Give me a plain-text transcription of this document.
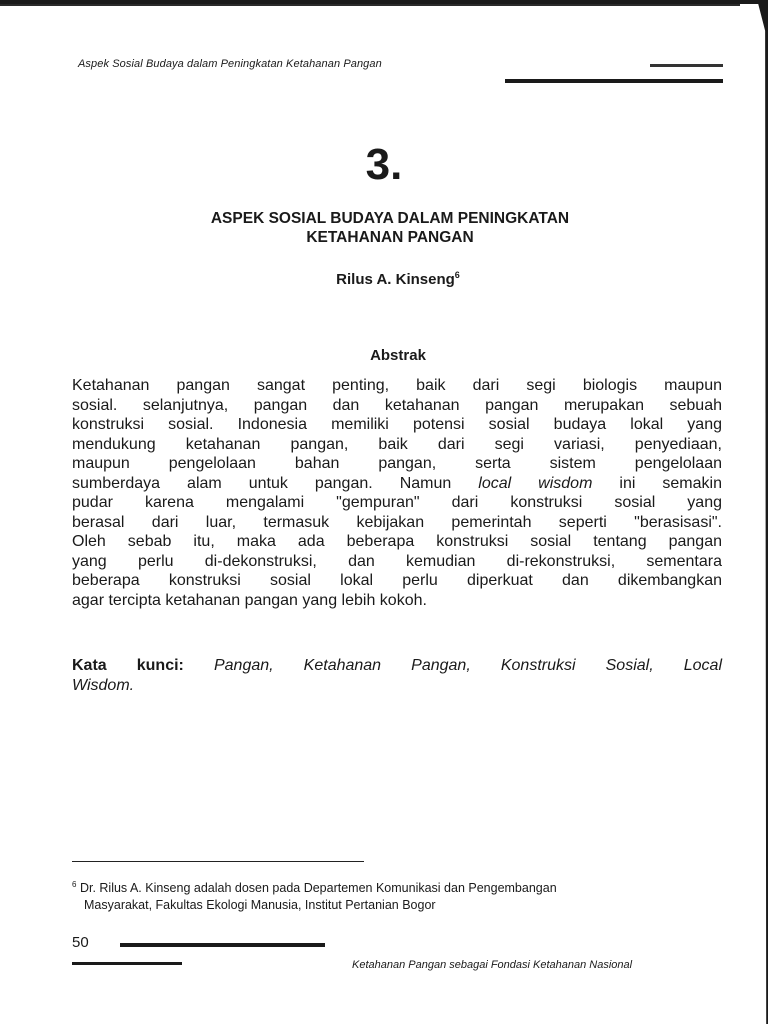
Aspek Sosial Budaya dalam Peningkatan Ketahanan Pangan
3.
ASPEK SOSIAL BUDAYA DALAM PENINGKATAN
KETAHANAN PANGAN
Rilus A. Kinseng$^6$
Abstrak
Ketahanan pangan sangat penting, baik dari segi biologis maupun
sosial. selanjutnya, pangan dan ketahanan pangan merupakan sebuah
konstruksi sosial. Indonesia memiliki potensi sosial budaya lokal yang
mendukung ketahanan pangan, baik dari segi variasi, penyediaan,
maupun pengelolaan bahan pangan, serta sistem pengelolaan
sumberdaya alam untuk pangan. Namun local wisdom ini semakin
pudar karena mengalami "gempuran" dari konstruksi sosial yang
berasal dari luar, termasuk kebijakan pemerintah seperti "berasisasi".
Oleh sebab itu, maka ada beberapa konstruksi sosial tentang pangan
yang perlu di-dekonstruksi, dan kemudian di-rekonstruksi, sementara
beberapa konstruksi sosial lokal perlu diperkuat dan dikembangkan
agar tercipta ketahanan pangan yang lebih kokoh.
Kata kunci: Pangan, Ketahanan Pangan, Konstruksi Sosial, Local
Wisdom.
$^6$ Dr. Rilus A. Kinseng adalah dosen pada Departemen Komunikasi dan Pengembangan
Masyarakat, Fakultas Ekologi Manusia, Institut Pertanian Bogor
50
Ketahanan Pangan sebagai Fondasi Ketahanan Nasional
